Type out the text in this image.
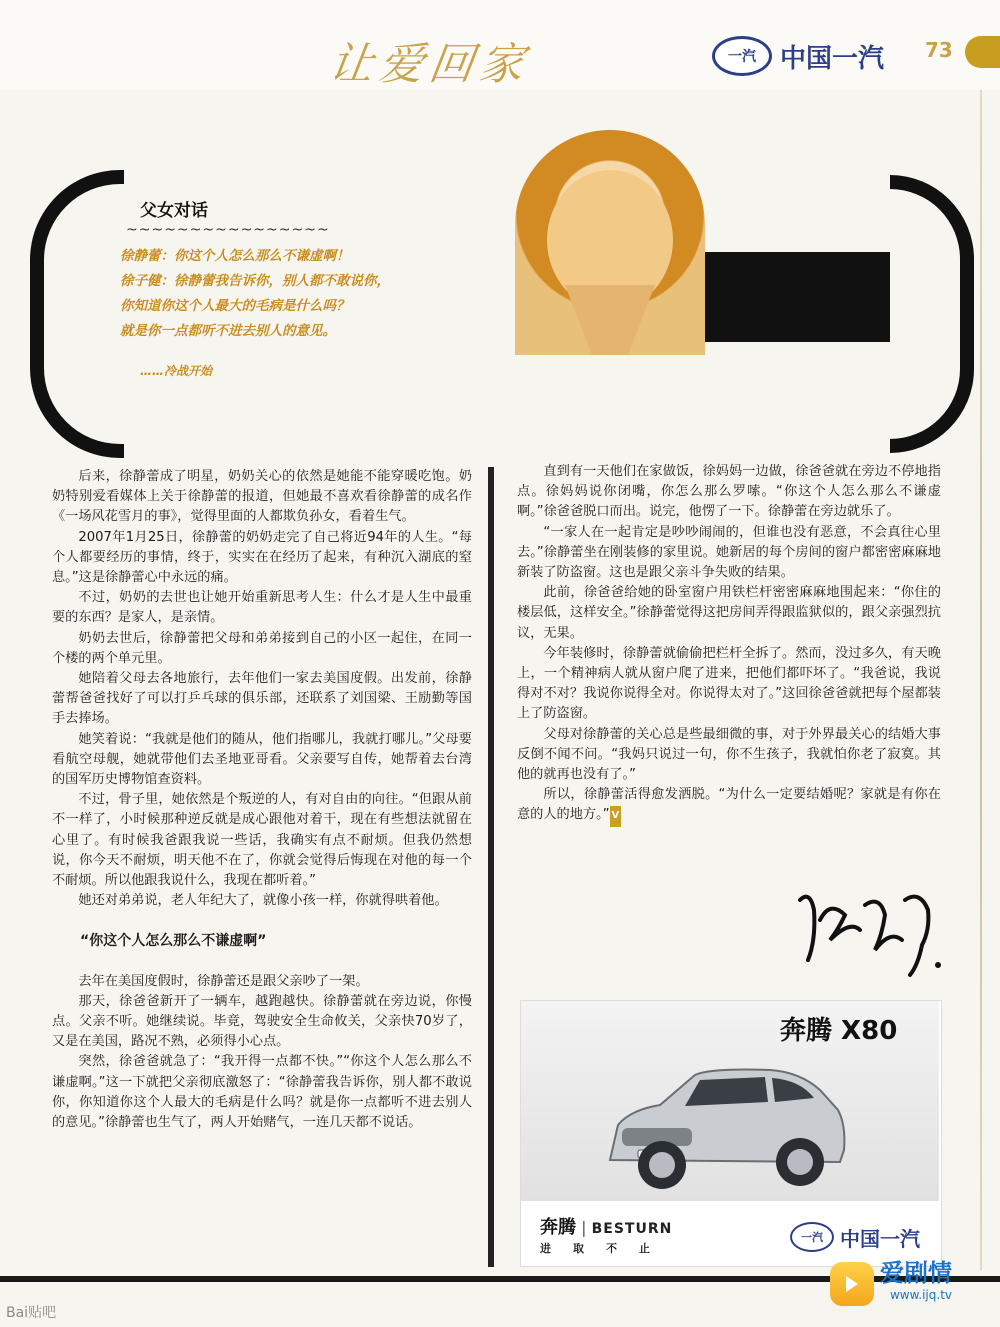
让爱回家	一汽 中国一汽 73
父女对话
~~~~~~~~~~~~~~~~
徐静蕾：你这个人怎么那么不谦虚啊！
徐子健：徐静蕾我告诉你，别人都不敢说你，
你知道你这个人最大的毛病是什么吗？
就是你一点都听不进去别人的意见。
……冷战开始

后来，徐静蕾成了明星，奶奶关心的依然是她能不能穿暖吃饱。奶奶特别爱看媒体上关于徐静蕾的报道，但她最不喜欢看徐静蕾的成名作《一场风花雪月的事》，觉得里面的人都欺负孙女，看着生气。

2007年1月25日，徐静蕾的奶奶走完了自己将近94年的人生。“每个人都要经历的事情，终于，实实在在经历了起来，有种沉入湖底的窒息。”这是徐静蕾心中永远的痛。

不过，奶奶的去世也让她开始重新思考人生：什么才是人生中最重要的东西？是家人，是亲情。

奶奶去世后，徐静蕾把父母和弟弟接到自己的小区一起住，在同一个楼的两个单元里。

她陪着父母去各地旅行，去年他们一家去美国度假。出发前，徐静蕾帮爸爸找好了可以打乒乓球的俱乐部，还联系了刘国梁、王励勤等国手去捧场。

她笑着说：“我就是他们的随从，他们指哪儿，我就打哪儿。”父母要看航空母舰，她就带他们去圣地亚哥看。父亲要写自传，她帮着去台湾的国军历史博物馆查资料。

不过，骨子里，她依然是个叛逆的人，有对自由的向往。“但跟从前不一样了，小时候那种逆反就是成心跟他对着干，现在有些想法就留在心里了。有时候我爸跟我说一些话，我确实有点不耐烦。但我仍然想说，你今天不耐烦，明天他不在了，你就会觉得后悔现在对他的每一个不耐烦。所以他跟我说什么，我现在都听着。”

她还对弟弟说，老人年纪大了，就像小孩一样，你就得哄着他。

“你这个人怎么那么不谦虚啊”

去年在美国度假时，徐静蕾还是跟父亲吵了一架。

那天，徐爸爸新开了一辆车，越跑越快。徐静蕾就在旁边说，你慢点。父亲不听。她继续说。毕竟，驾驶安全生命攸关，父亲快70岁了，又是在美国，路况不熟，必须得小心点。

突然，徐爸爸就急了：“我开得一点都不快。”“你这个人怎么那么不谦虚啊。”这一下就把父亲彻底激怒了：“徐静蕾我告诉你，别人都不敢说你，你知道你这个人最大的毛病是什么吗？就是你一点都听不进去别人的意见。”徐静蕾也生气了，两人开始赌气，一连几天都不说话。

直到有一天他们在家做饭，徐妈妈一边做，徐爸爸就在旁边不停地指点。徐妈妈说你闭嘴，你怎么那么罗嗦。“你这个人怎么那么不谦虚啊。”徐爸爸脱口而出。说完，他愣了一下。徐静蕾在旁边就乐了。

“一家人在一起肯定是吵吵闹闹的，但谁也没有恶意，不会真往心里去。”徐静蕾坐在刚装修的家里说。她新居的每个房间的窗户都密密麻麻地新装了防盗窗。这也是跟父亲斗争失败的结果。

此前，徐爸爸给她的卧室窗户用铁栏杆密密麻麻地围起来：“你住的楼层低，这样安全。”徐静蕾觉得这把房间弄得跟监狱似的，跟父亲强烈抗议，无果。

今年装修时，徐静蕾就偷偷把栏杆全拆了。然而，没过多久，有天晚上，一个精神病人就从窗户爬了进来，把他们都吓坏了。“我爸说，我说得对不对？我说你说得全对。你说得太对了。”这回徐爸爸就把每个屋都装上了防盗窗。

父母对徐静蕾的关心总是些最细微的事，对于外界最关心的结婚大事反倒不闻不问。“我妈只说过一句，你不生孩子，我就怕你老了寂寞。其他的就再也没有了。”

所以，徐静蕾活得愈发洒脱。“为什么一定要结婚呢？家就是有你在意的人的地方。” V

奔腾 X80
奔腾 | BESTURN
进取不止
一汽 中国一汽
Bai贴吧
爱剧情
www.ijq.tv
